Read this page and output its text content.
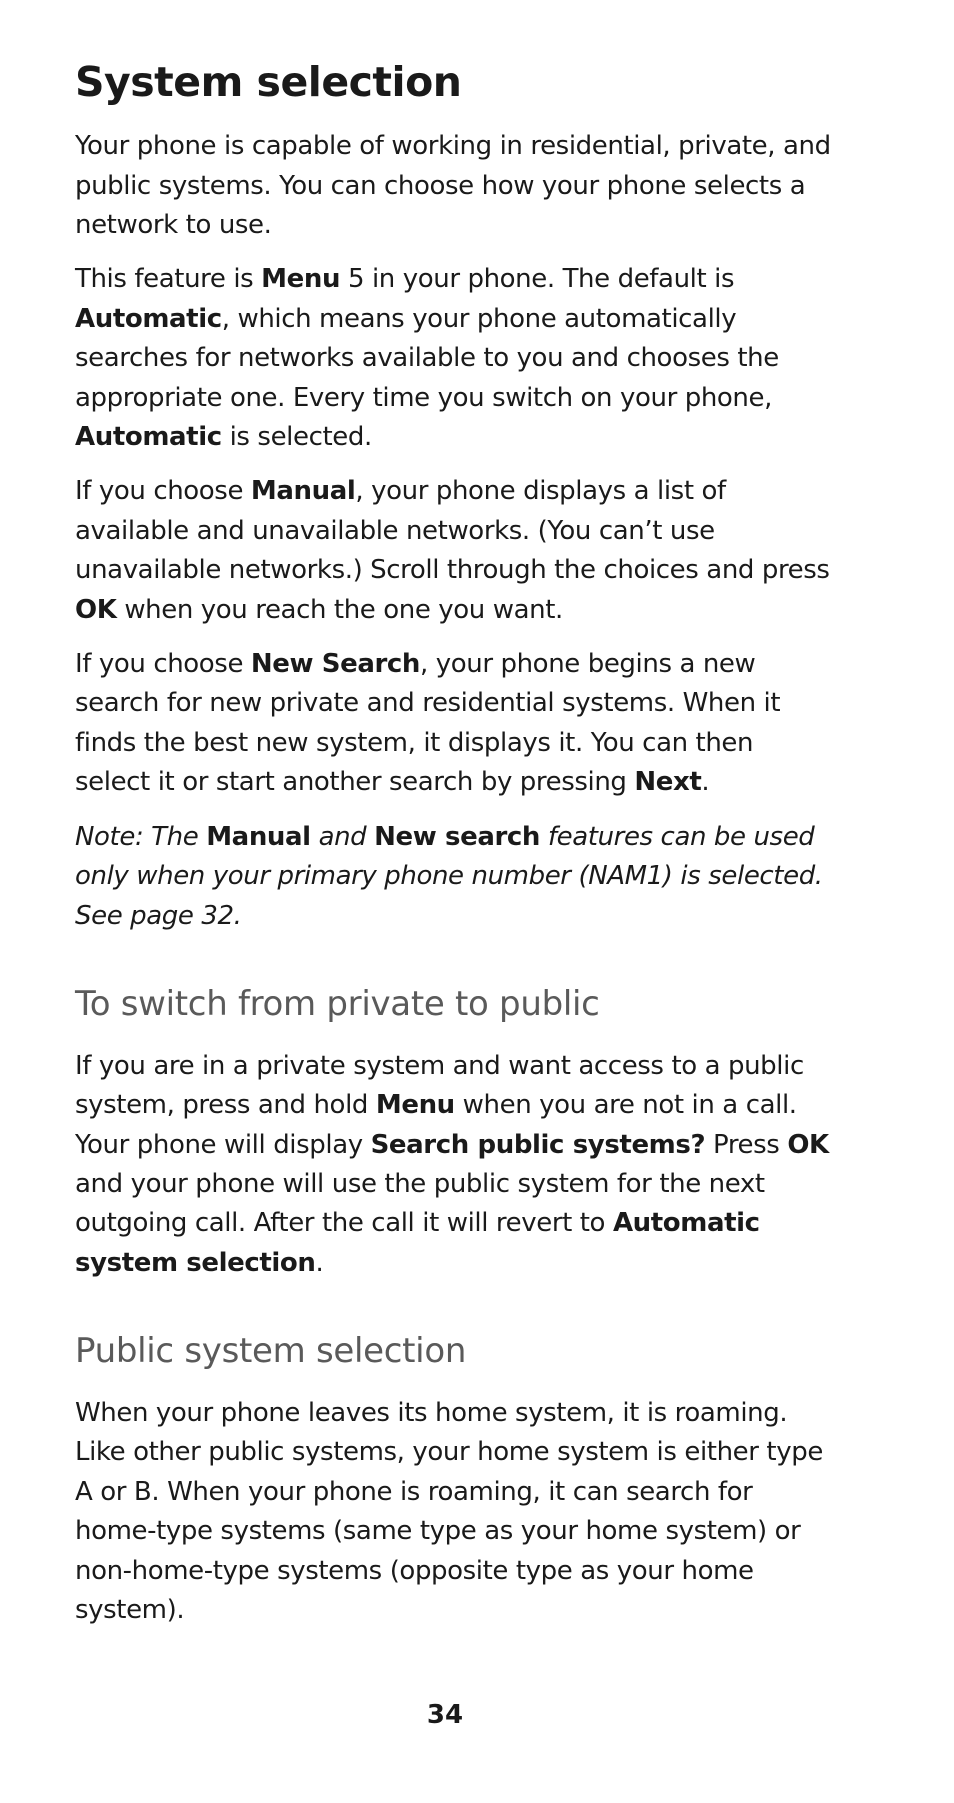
System selection

Your phone is capable of working in residential, private, and public systems. You can choose how your phone selects a network to use.

This feature is Menu 5 in your phone. The default is Automatic, which means your phone automatically searches for networks available to you and chooses the appropriate one. Every time you switch on your phone, Automatic is selected.

If you choose Manual, your phone displays a list of available and unavailable networks. (You can’t use unavailable networks.) Scroll through the choices and press OK when you reach the one you want.

If you choose New Search, your phone begins a new search for new private and residential systems. When it finds the best new system, it displays it. You can then select it or start another search by pressing Next.

Note: The Manual and New search features can be used only when your primary phone number (NAM1) is selected. See page 32.

To switch from private to public

If you are in a private system and want access to a public system, press and hold Menu when you are not in a call. Your phone will display Search public systems? Press OK and your phone will use the public system for the next outgoing call. After the call it will revert to Automatic system selection.

Public system selection

When your phone leaves its home system, it is roaming. Like other public systems, your home system is either type A or B. When your phone is roaming, it can search for home-type systems (same type as your home system) or non-home-type systems (opposite type as your home system).

34
